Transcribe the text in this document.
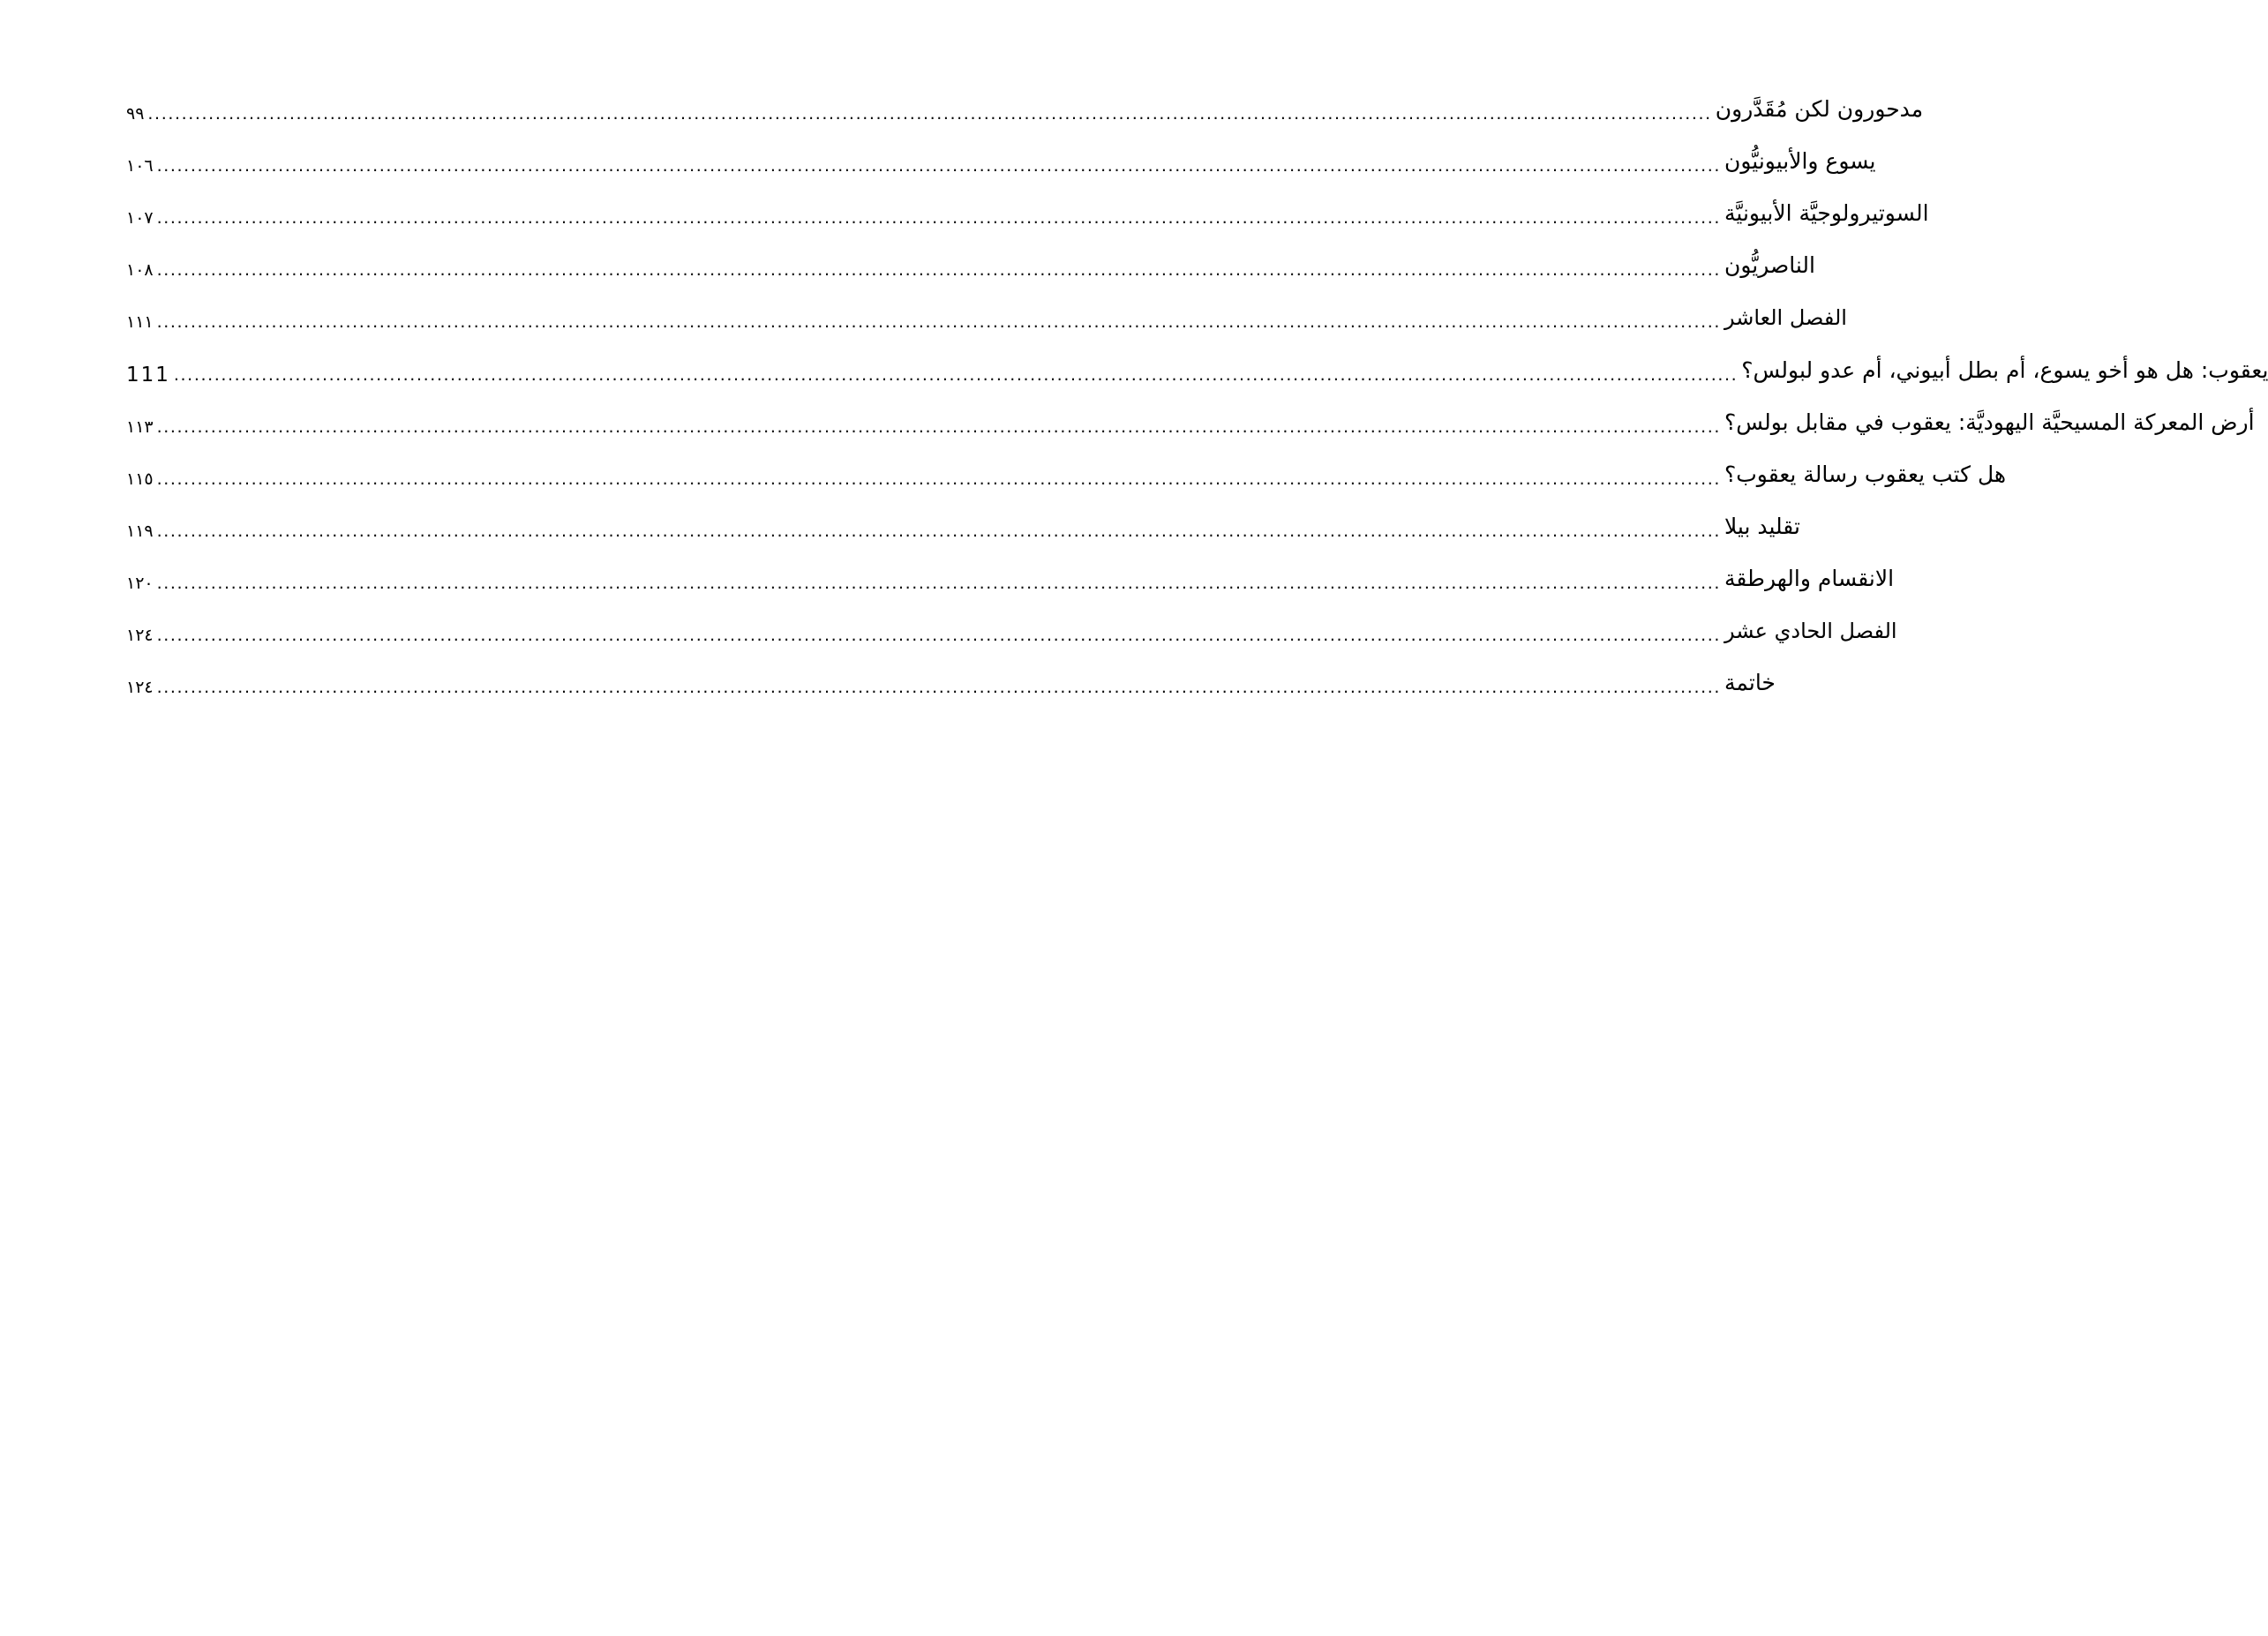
٩٩ ........................................................................................................................................................................................................................................ مدحورون لكن مُقَدَّرون
١٠٦ ........................................................................................................................................................................................................................................ يسوع والأبيونيُّون
١٠٧ ........................................................................................................................................................................................................................................ السوتيرولوجيَّة الأبيونيَّة
١٠٨ ........................................................................................................................................................................................................................................ الناصريُّون
١١١ ........................................................................................................................................................................................................................................ الفصل العاشر
111 ........................................................................................................................................................................................................................................ يعقوب: هل هو أخو يسوع، أم بطل أبيوني، أم عدو لبولس؟
١١٣ ........................................................................................................................................................................................................................................ أرض المعركة المسيحيَّة اليهوديَّة: يعقوب في مقابل بولس؟
١١٥ ........................................................................................................................................................................................................................................ هل كتب يعقوب رسالة يعقوب؟
١١٩ ........................................................................................................................................................................................................................................ تقليد بيلا
١٢٠ ........................................................................................................................................................................................................................................ الانقسام والهرطقة
١٢٤ ........................................................................................................................................................................................................................................ الفصل الحادي عشر
١٢٤ ........................................................................................................................................................................................................................................ خاتمة
